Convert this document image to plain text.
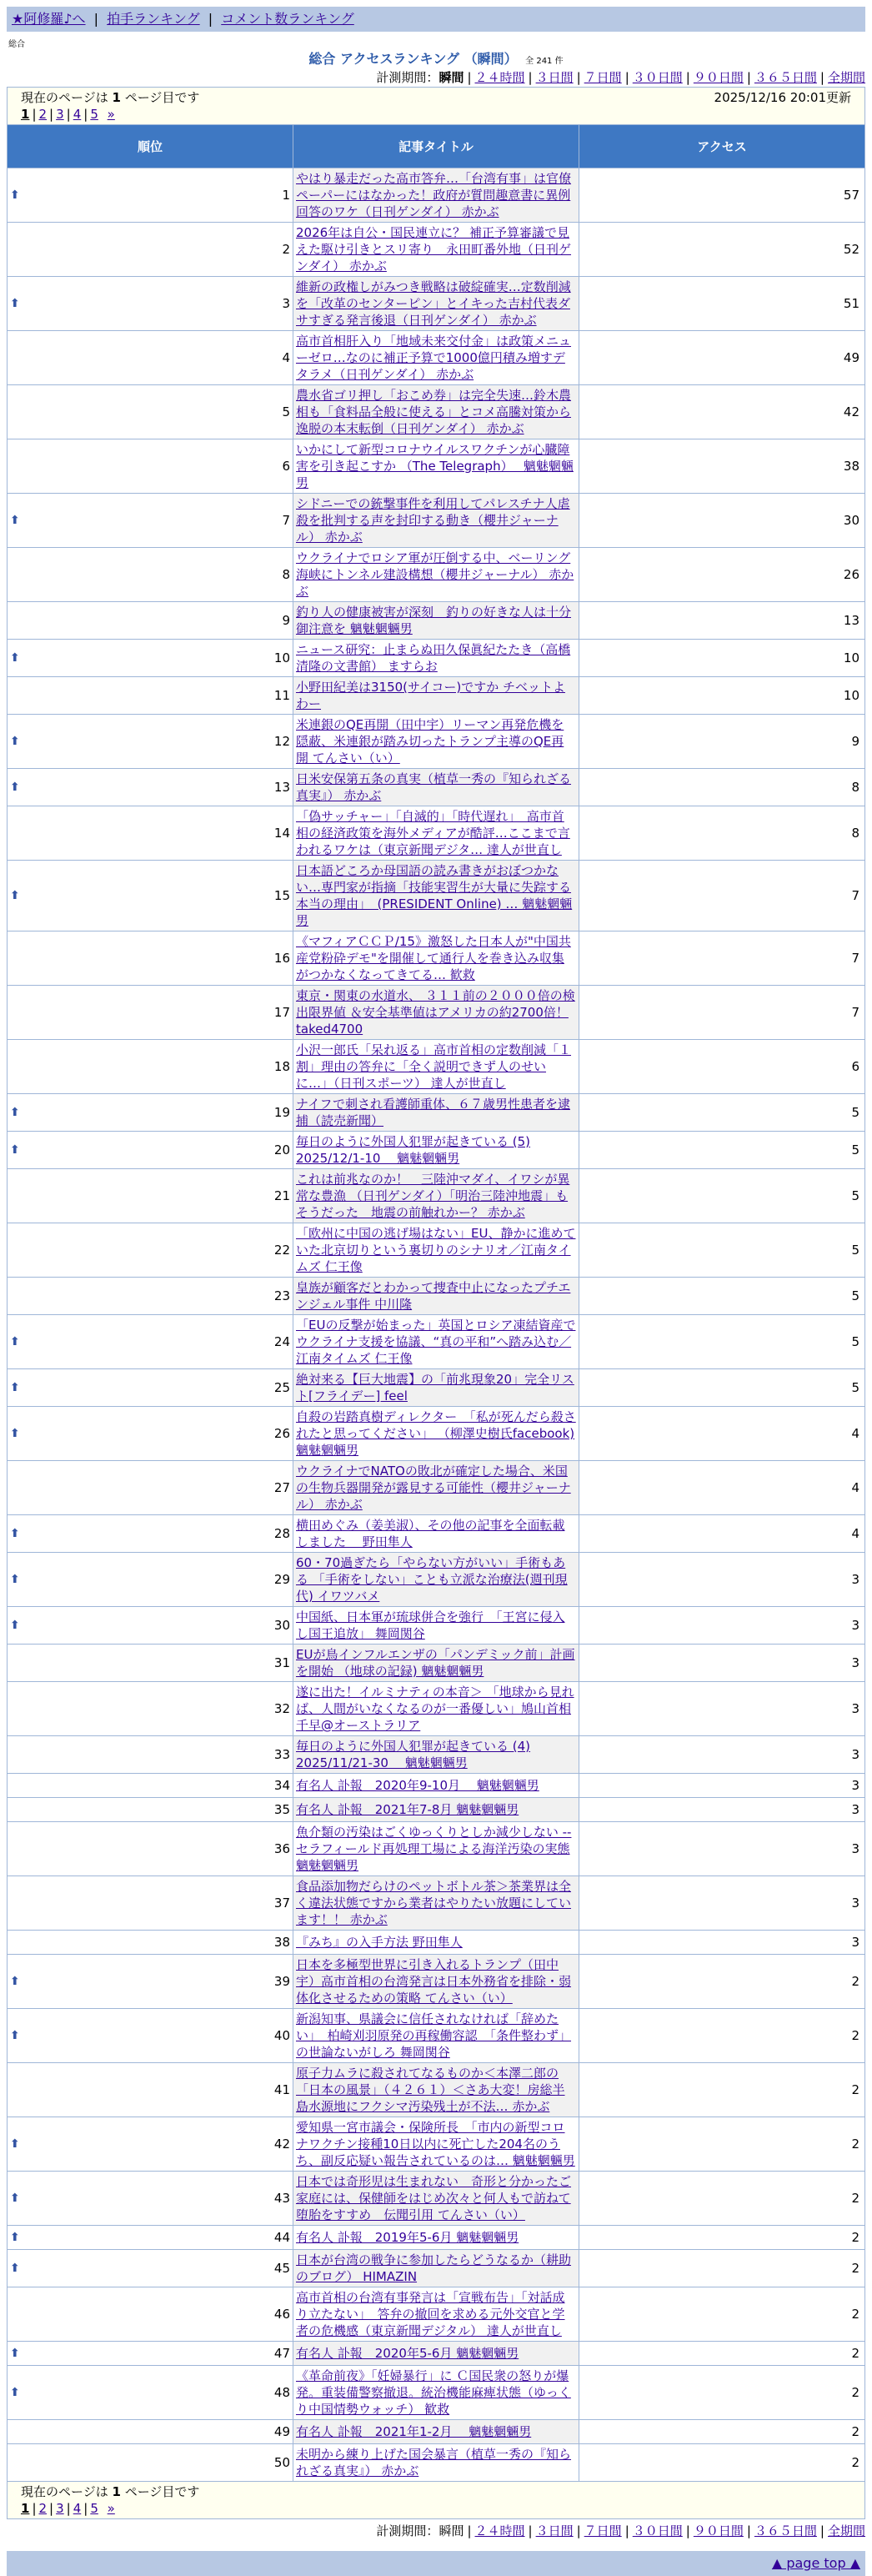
★阿修羅♪へ | 拍手ランキング | コメント数ランキング
総合
総合 アクセスランキング （瞬間） 全 241 件
計測期間：瞬間 | ２４時間 | ３日間 | ７日間 | ３０日間 | ９０日間 | ３６５日間 | 全期間
現在のページは 1 ページ目です 2025/12/16 20:01更新
1 | 2 | 3 | 4 | 5 »		

順位	記事タイトル	アクセス

⬆ 1	やはり暴走だった高市答弁…「台湾有事」は官僚ペーパーにはなかった！政府が質問趣意書に異例回答のワケ（日刊ゲンダイ） 赤かぶ	57
2	2026年は自公・国民連立に？ 補正予算審議で見えた駆け引きとスリ寄り　永田町番外地（日刊ゲンダイ） 赤かぶ	52

⬆ 3	維新の政権しがみつき戦略は破綻確実…定数削減を「改革のセンターピン」とイキった吉村代表ダサすぎる発言後退（日刊ゲンダイ） 赤かぶ	51
4	高市首相肝入り「地域未来交付金」は政策メニューゼロ…なのに補正予算で1000億円積み増すデタラメ（日刊ゲンダイ） 赤かぶ	49
5	農水省ゴリ押し「おこめ券」は完全失速…鈴木農相も「食料品全般に使える」とコメ高騰対策から逸脱の本末転倒（日刊ゲンダイ） 赤かぶ	42
6	いかにして新型コロナウイルスワクチンが心臓障害を引き起こすか （The Telegraph）　 魑魅魍魎男	38

⬆ 7	シドニーでの銃撃事件を利用してパレスチナ人虐殺を批判する声を封印する動き（櫻井ジャーナル） 赤かぶ	30
8	ウクライナでロシア軍が圧倒する中、ベーリング海峡にトンネル建設構想（櫻井ジャーナル） 赤かぶ	26
9	釣り人の健康被害が深刻　釣りの好きな人は十分御注意を 魑魅魍魎男	13

⬆ 10	ニュース研究：止まらぬ田久保眞紀たたき（高橋清隆の文書館） ますらお	10
11	小野田紀美は3150(サイコー)ですか チベットよわー	10

⬆ 12	米連銀のQE再開（田中宇）リーマン再発危機を隠蔽、米連銀が踏み切ったトランプ主導のQE再開 てんさい（い）	9

⬆ 13	日米安保第五条の真実（植草一秀の『知られざる真実』） 赤かぶ	8
14	「偽サッチャー」「自滅的」「時代遅れ」　高市首相の経済政策を海外メディアが酷評…ここまで言われるワケは（東京新聞デジタ… 達人が世直し	8

⬆ 15	日本語どころか母国語の読み書きがおぼつかない…専門家が指摘「技能実習生が大量に失踪する本当の理由」　(PRESIDENT Online) … 魑魅魍魎男	7
16	《マフィアＣＣＰ/15》激怒した日本人が"中国共産党粉砕デモ"を開催して通行人を巻き込み収集がつかなくなってきてる… 歓救	7
17	東京・関東の水道水、 ３１１前の２０００倍の検出限界値 ＆安全基準値はアメリカの約2700倍！ taked4700	7
18	小沢一郎氏「呆れ返る」高市首相の定数削減「１割」理由の答弁に「全く説明できず人のせいに…」（日刊スポーツ） 達人が世直し	6

⬆ 19	ナイフで刺され看護師重体、６７歳男性患者を逮捕（読売新聞）	5

⬆ 20	毎日のように外国人犯罪が起きている (5) 2025/12/1-10　 魑魅魍魎男	5
21	これは前兆なのか！　三陸沖マダイ、イワシが異常な豊漁 （日刊ゲンダイ）「明治三陸沖地震」もそうだった　地震の前触れかー？ 赤かぶ	5
22	「欧州に中国の逃げ場はない」EU、静かに進めていた北京切りという裏切りのシナリオ／江南タイムズ 仁王像	5
23	皇族が顧客だとわかって捜査中止になったプチエンジェル事件 中川隆	5

⬆ 24	「EUの反撃が始まった」英国とロシア凍結資産でウクライナ支援を協議、“真の平和”へ踏み込む／江南タイムズ 仁王像	5

⬆ 25	絶対来る【巨大地震】の「前兆現象20」完全リスト[フライデー] feel	5

⬆ 26	自殺の岩踏真樹ディレクター　「私が死んだら殺されたと思ってください」 （柳澤史樹氏facebook) 魑魅魍魎男	4
27	ウクライナでNATOの敗北が確定した場合、米国の生物兵器開発が露見する可能性（櫻井ジャーナル） 赤かぶ	4

⬆ 28	横田めぐみ（姜美淑）、その他の記事を全面転載しました　 野田隼人	4

⬆ 29	60・70過ぎたら「やらない方がいい」手術もある 「手術をしない」ことも立派な治療法(週刊現代) イワツバメ	3

⬆ 30	中国紙、日本軍が琉球併合を強行　「王宮に侵入し国王追放」 舞岡関谷	3
31	EUが鳥インフルエンザの「パンデミック前」計画を開始 （地球の記録) 魑魅魍魎男	3
32	遂に出た！イルミナティの本音＞ 「地球から見れば、人間がいなくなるのが一番優しい」鳩山首相 千早@オーストラリア	3
33	毎日のように外国人犯罪が起きている (4) 2025/11/21-30　 魑魅魍魎男	3
34	有名人 訃報　2020年9-10月　 魑魅魍魎男	3
35	有名人 訃報　2021年7-8月 魑魅魍魎男	3
36	魚介類の汚染はごくゆっくりとしか減少しない -- セラフィールド再処理工場による海洋汚染の実態 魑魅魍魎男	3
37	食品添加物だらけのペットボトル茶＞茶業界は全く違法状態ですから業者はやりたい放題にしています！！ 赤かぶ	3
38	『みち』の入手方法 野田隼人	3

⬆ 39	日本を多極型世界に引き入れるトランプ（田中宇）高市首相の台湾発言は日本外務省を排除・弱体化させるための策略 てんさい（い）	2

⬆ 40	新潟知事、県議会に信任されなければ「辞めたい」　柏崎刈羽原発の再稼働容認　「条件整わず」の世論ないがしろ 舞岡関谷	2
41	原子力ムラに殺されてなるものか＜本澤二郎の「日本の風景」（４２６１）＜さあ大変！房総半島水源地にフクシマ汚染残土が不法… 赤かぶ	2

⬆ 42	愛知県一宮市議会・保険所長　「市内の新型コロナワクチン接種10日以内に死亡した204名のうち、副反応疑い報告されているのは… 魑魅魍魎男	2

⬆ 43	日本では奇形児は生まれない　奇形と分かったご家庭には、保健師をはじめ次々と何人もで訪ねて堕胎をすすめ　伝聞引用 てんさい（い）	2

⬆ 44	有名人 訃報　2019年5-6月 魑魅魍魎男	2

⬆ 45	日本が台湾の戦争に参加したらどうなるか（耕助のブログ） HIMAZIN	2
46	高市首相の台湾有事発言は「宣戦布告」「対話成り立たない」　答弁の撤回を求める元外交官と学者の危機感（東京新聞デジタル） 達人が世直し	2

⬆ 47	有名人 訃報　2020年5-6月 魑魅魍魎男	2

⬆ 48	《革命前夜》「妊婦暴行」に Ｃ国民衆の怒りが爆発。重装備警察撤退。統治機能麻痺状態（ゆっくり中国情勢ウォッチ） 歓救	2
49	有名人 訃報　2021年1-2月　 魑魅魍魎男	2
50	未明から練り上げた国会暴言（植草一秀の『知られざる真実』） 赤かぶ	2

現在のページは 1 ページ目です
1 | 2 | 3 | 4 | 5 »		
計測期間：瞬間 | ２４時間 | ３日間 | ７日間 | ３０日間 | ９０日間 | ３６５日間 | 全期間
▲ page top ▲
